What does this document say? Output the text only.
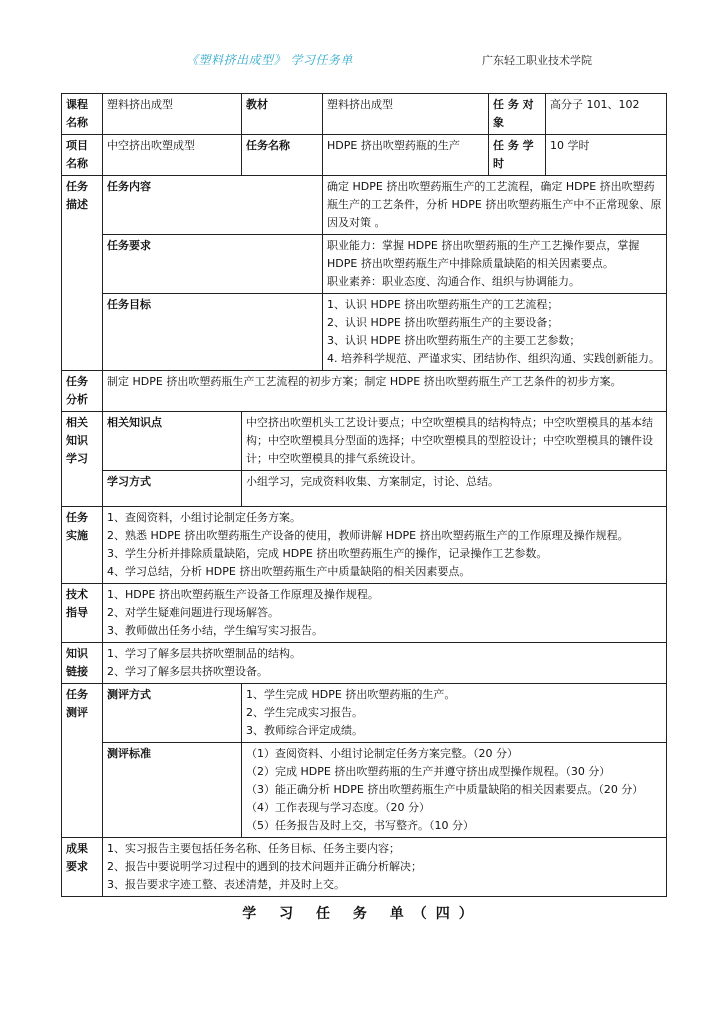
《塑料挤出成型》 学习任务单	广东轻工职业技术学院
课程名称	塑料挤出成型	教材	塑料挤出成型	任 务 对象	高分子 101、102
项目名称	中空挤出吹塑成型	任务名称	HDPE 挤出吹塑药瓶的生产	任 务 学时	10 学时
任务描述	任务内容		确定 HDPE 挤出吹塑药瓶生产的工艺流程，确定 HDPE 挤出吹塑药瓶生产的工艺条件，分析 HDPE 挤出吹塑药瓶生产中不正常现象、原因及对策 。		
	任务要求		职业能力：掌握 HDPE 挤出吹塑药瓶的生产工艺操作要点，掌握 HDPE 挤出吹塑药瓶生产中排除质量缺陷的相关因素要点。
职业素养：职业态度、沟通合作、组织与协调能力。		

	任务目标		1、认识 HDPE 挤出吹塑药瓶生产的工艺流程；
2、认识 HDPE 挤出吹塑药瓶生产的主要设备；
3、认识 HDPE 挤出吹塑药瓶生产的主要工艺参数；
4. 培养科学规范、严谨求实、团结协作、组织沟通、实践创新能力。		

任务分析	制定 HDPE 挤出吹塑药瓶生产工艺流程的初步方案；制定 HDPE 挤出吹塑药瓶生产工艺条件的初步方案。				
相关知识学习	相关知识点	中空挤出吹塑机头工艺设计要点；中空吹塑模具的结构特点；中空吹塑模具的基本结构；中空吹塑模具分型面的选择；中空吹塑模具的型腔设计；中空吹塑模具的镶件设计；中空吹塑模具的排气系统设计。			
	学习方式	小组学习，完成资料收集、方案制定，讨论、总结。			
任务实施	1、查阅资料，小组讨论制定任务方案。
2、熟悉 HDPE 挤出吹塑药瓶生产设备的使用，教师讲解 HDPE 挤出吹塑药瓶生产的工作原理及操作规程。
3、学生分析并排除质量缺陷，完成 HDPE 挤出吹塑药瓶生产的操作，记录操作工艺参数。
4、学习总结，分析 HDPE 挤出吹塑药瓶生产中质量缺陷的相关因素要点。				

技术指导	1、HDPE 挤出吹塑药瓶生产设备工作原理及操作规程。
2、对学生疑难问题进行现场解答。
3、教师做出任务小结，学生编写实习报告。				

知识链接	1、学习了解多层共挤吹塑制品的结构。
2、学习了解多层共挤吹塑设备。				

任务测评	测评方式	1、学生完成 HDPE 挤出吹塑药瓶的生产。
2、学生完成实习报告。
3、教师综合评定成绩。			

	测评标准	（1）查阅资料、小组讨论制定任务方案完整。（20 分）
（2）完成 HDPE 挤出吹塑药瓶的生产并遵守挤出成型操作规程。（30 分）
（3）能正确分析 HDPE 挤出吹塑药瓶生产中质量缺陷的相关因素要点。（20 分）
（4）工作表现与学习态度。（20 分）
（5）任务报告及时上交，书写整齐。（10 分）			

成果要求	1、实习报告主要包括任务名称、任务目标、任务主要内容；
2、报告中要说明学习过程中的遇到的技术问题并正确分析解决；
3、报告要求字迹工整、表述清楚，并及时上交。				
学 习 任 务 单（四）
